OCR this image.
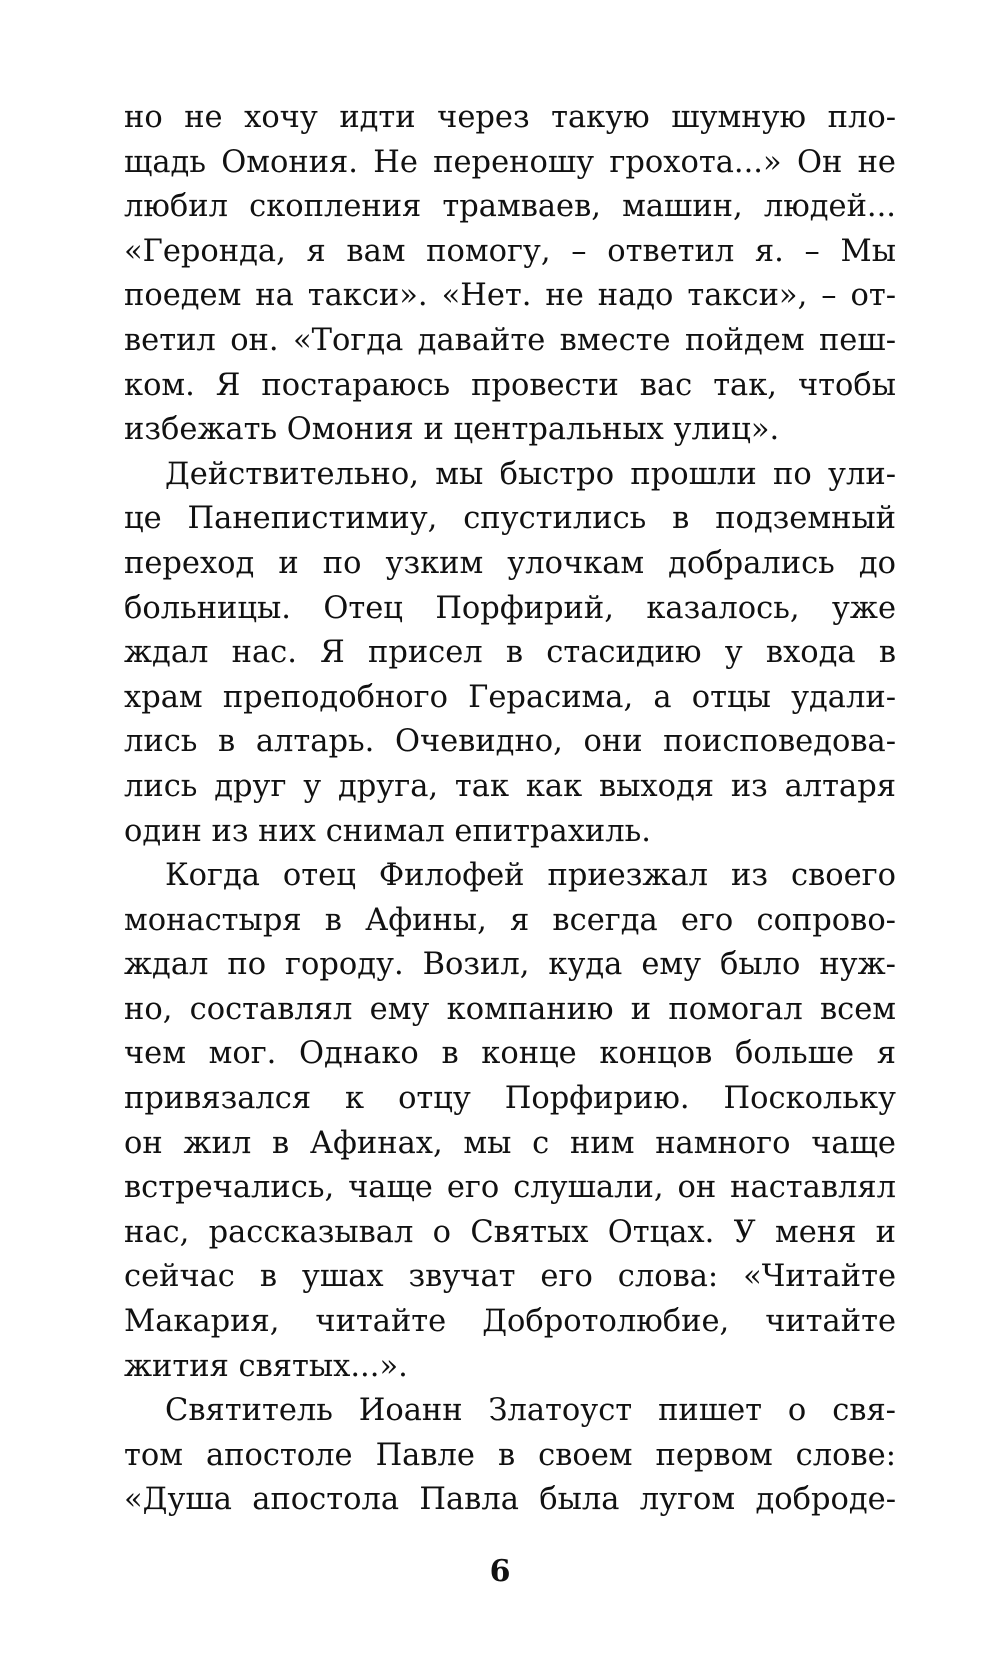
но не хочу идти через такую шумную пло-
щадь Омония. Не переношу грохота...» Он не
любил скопления трамваев, машин, людей...
«Геронда, я вам помогу, – ответил я. – Мы
поедем на такси». «Нет. не надо такси», – от-
ветил он. «Тогда давайте вместе пойдем пеш-
ком. Я постараюсь провести вас так, чтобы
избежать Омония и центральных улиц».
Действительно, мы быстро прошли по ули-
це Панепистимиу, спустились в подземный
переход и по узким улочкам добрались до
больницы. Отец Порфирий, казалось, уже
ждал нас. Я присел в стасидию у входа в
храм преподобного Герасима, а отцы удали-
лись в алтарь. Очевидно, они поисповедова-
лись друг у друга, так как выходя из алтаря
один из них снимал епитрахиль.
Когда отец Филофей приезжал из своего
монастыря в Афины, я всегда его сопрово-
ждал по городу. Возил, куда ему было нуж-
но, составлял ему компанию и помогал всем
чем мог. Однако в конце концов больше я
привязался к отцу Порфирию. Поскольку
он жил в Афинах, мы с ним намного чаще
встречались, чаще его слушали, он наставлял
нас, рассказывал о Святых Отцах. У меня и
сейчас в ушах звучат его слова: «Читайте
Макария, читайте Добротолюбие, читайте
жития святых...».
Святитель Иоанн Златоуст пишет о свя-
том апостоле Павле в своем первом слове:
«Душа апостола Павла была лугом доброде-
6
